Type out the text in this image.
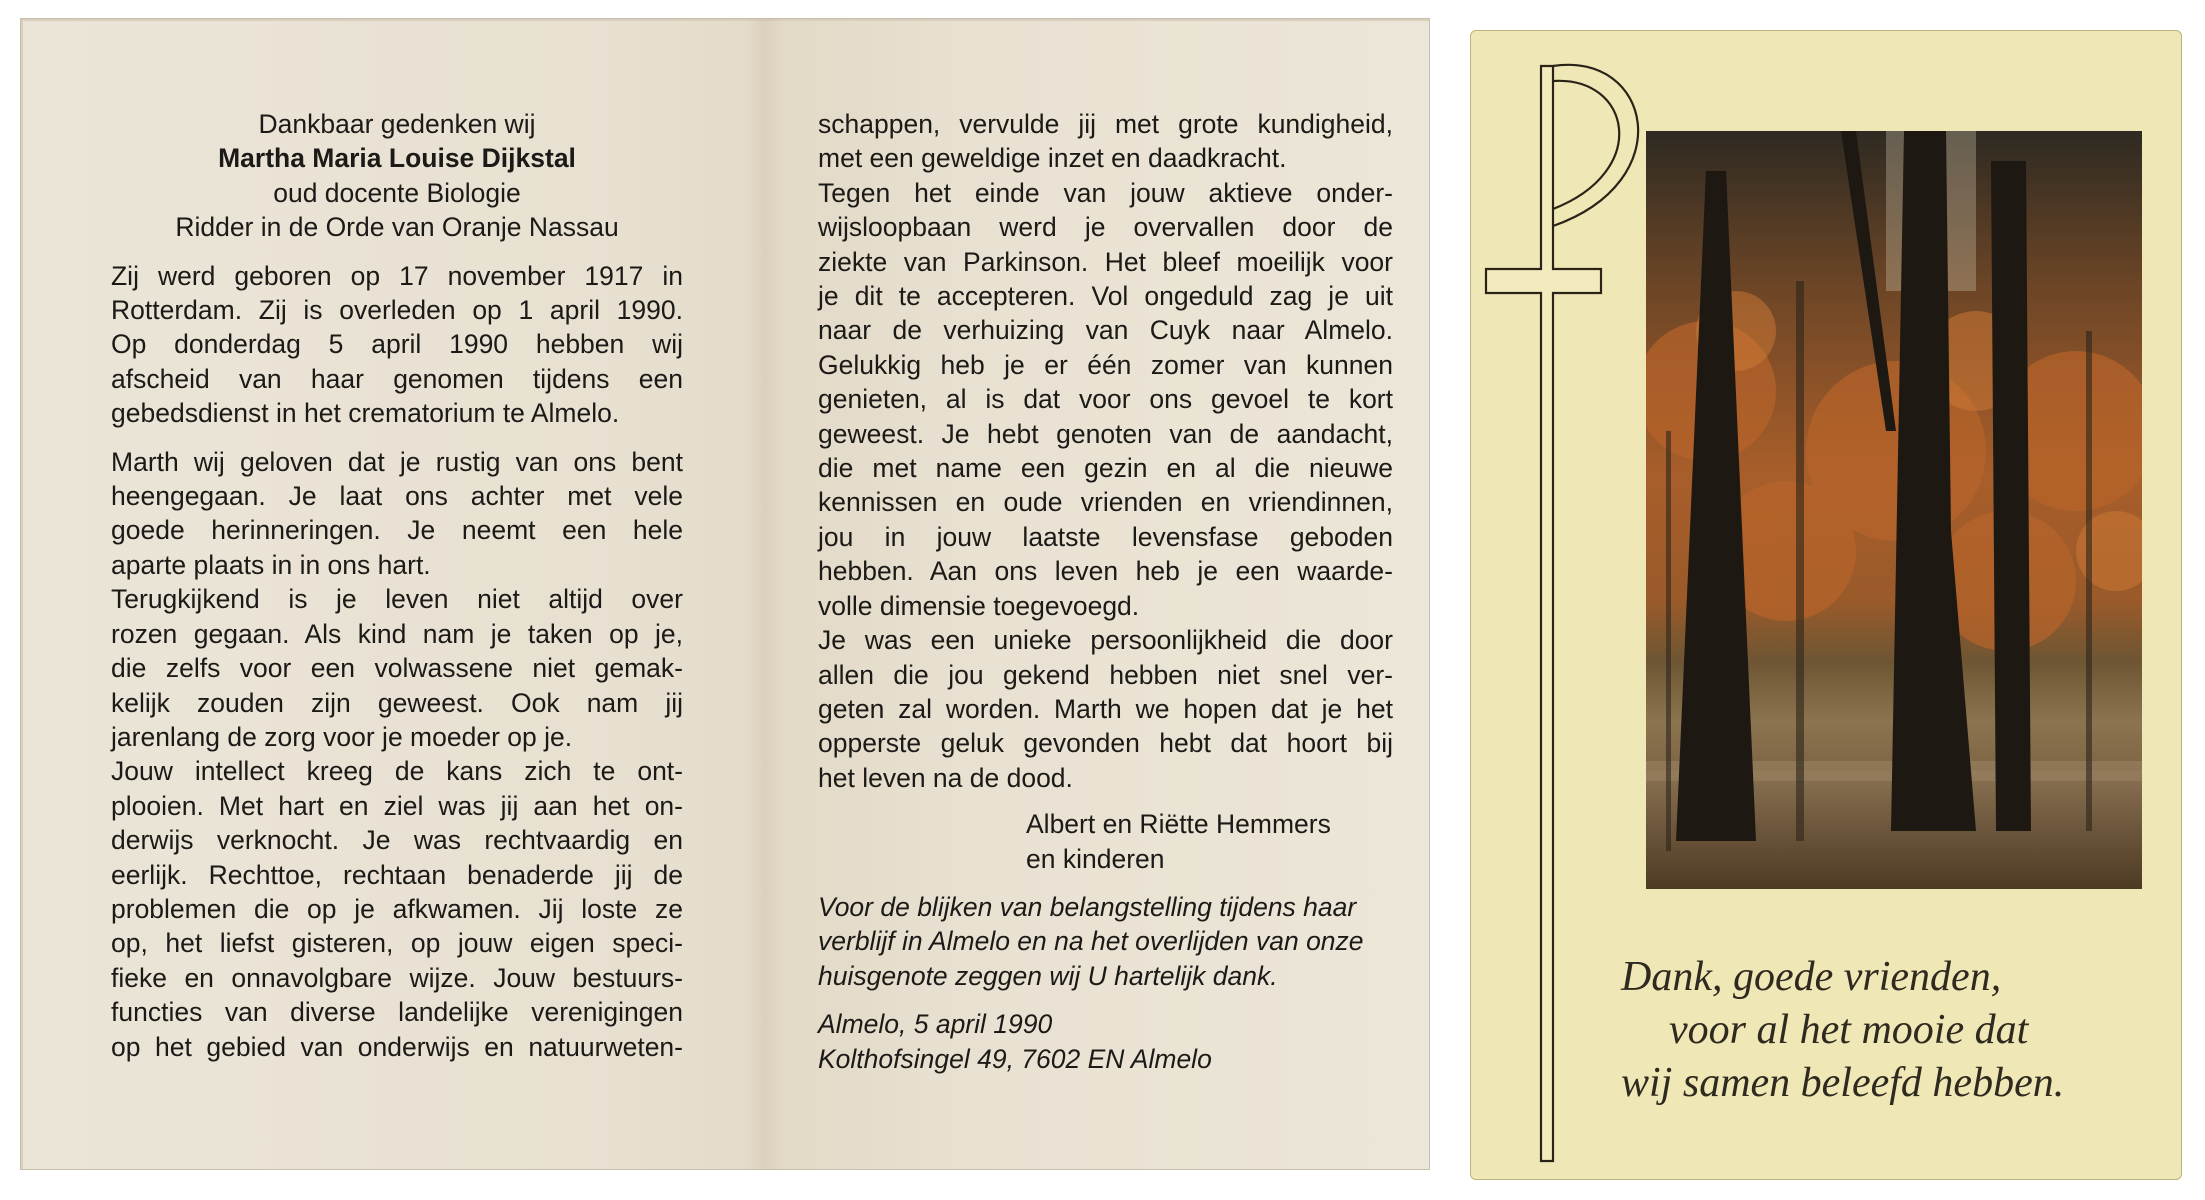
Dankbaar gedenken wij
Martha Maria Louise Dijkstal
oud docente Biologie
Ridder in de Orde van Oranje Nassau
Zij werd geboren op 17 november 1917 in
Rotterdam. Zij is overleden op 1 april 1990.
Op donderdag 5 april 1990 hebben wij
afscheid van haar genomen tijdens een
gebedsdienst in het crematorium te Almelo.
Marth wij geloven dat je rustig van ons bent
heengegaan. Je laat ons achter met vele
goede herinneringen. Je neemt een hele
aparte plaats in in ons hart.
Terugkijkend is je leven niet altijd over
rozen gegaan. Als kind nam je taken op je,
die zelfs voor een volwassene niet gemak-
kelijk zouden zijn geweest. Ook nam jij
jarenlang de zorg voor je moeder op je.
Jouw intellect kreeg de kans zich te ont-
plooien. Met hart en ziel was jij aan het on-
derwijs verknocht. Je was rechtvaardig en
eerlijk. Rechttoe, rechtaan benaderde jij de
problemen die op je afkwamen. Jij loste ze
op, het liefst gisteren, op jouw eigen speci-
fieke en onnavolgbare wijze. Jouw bestuurs-
functies van diverse landelijke verenigingen
op het gebied van onderwijs en natuurweten-
schappen, vervulde jij met grote kundigheid,
met een geweldige inzet en daadkracht.
Tegen het einde van jouw aktieve onder-
wijsloopbaan werd je overvallen door de
ziekte van Parkinson. Het bleef moeilijk voor
je dit te accepteren. Vol ongeduld zag je uit
naar de verhuizing van Cuyk naar Almelo.
Gelukkig heb je er één zomer van kunnen
genieten, al is dat voor ons gevoel te kort
geweest. Je hebt genoten van de aandacht,
die met name een gezin en al die nieuwe
kennissen en oude vrienden en vriendinnen,
jou in jouw laatste levensfase geboden
hebben. Aan ons leven heb je een waarde-
volle dimensie toegevoegd.
Je was een unieke persoonlijkheid die door
allen die jou gekend hebben niet snel ver-
geten zal worden. Marth we hopen dat je het
opperste geluk gevonden hebt dat hoort bij
het leven na de dood.
Albert en Riëtte Hemmers
en kinderen
Voor de blijken van belangstelling tijdens haar
verblijf in Almelo en na het overlijden van onze
huisgenote zeggen wij U hartelijk dank.
Almelo, 5 april 1990
Kolthofsingel 49, 7602 EN Almelo
Dank, goede vrienden,
voor al het mooie dat
wij samen beleefd hebben.
